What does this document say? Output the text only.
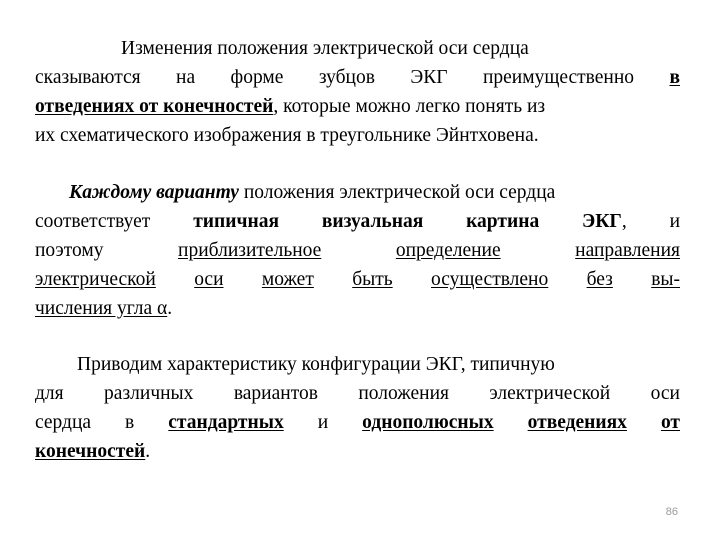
Изменения положения электрической оси сердца
сказываются на форме зубцов ЭКГ преимущественно в
отведениях от конечностей, которые можно легко понять из
их схематического изображения в треугольнике Эйнтховена.
Каждому варианту положения электрической оси сердца
соответствует типичная визуальная картина ЭКГ, и
поэтому	приблизительное	определение	направления
электрической оси может быть осуществлено без вы-
числения угла α.
Приводим характеристику конфигурации ЭКГ, типичную
для различных вариантов положения электрической оси
сердца в стандартных и однополюсных отведениях от
конечностей.
86
